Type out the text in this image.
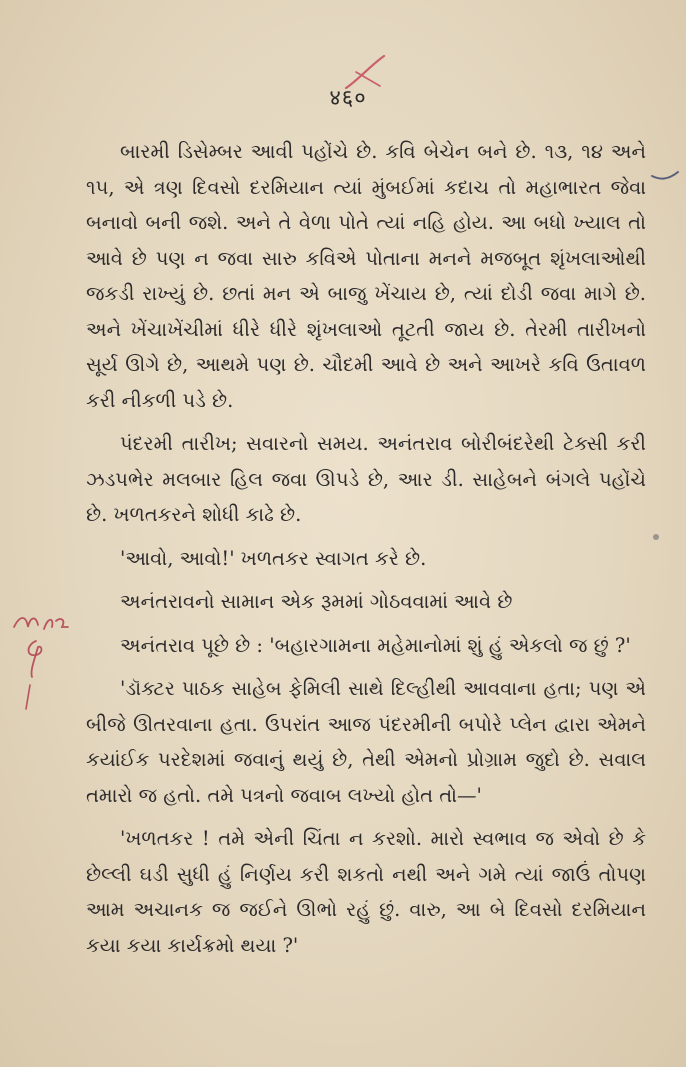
४६०

બારમી ડિસેમ્બર આવી પહોંચે છે. કવિ બેચેન બને છે. ૧૩, ૧૪ અને ૧૫, એ ત્રણ દિવસો દરમિયાન ત્યાં મુંબઈમાં કદાચ તો મહાભારત જેવા બનાવો બની જશે. અને તે વેળા પોતે ત્યાં નહિ હોય. આ બધો ખ્યાલ તો આવે છે પણ ન જવા સારુ કવિએ પોતાના મનને મજબૂત શૃંખલાઓથી જકડી રાખ્યું છે. છતાં મન એ બાજુ ખેંચાય છે, ત્યાં દોડી જવા માગે છે. અને ખેંચાખેંચીમાં ધીરે ધીરે શૃંખલાઓ તૂટતી જાય છે. તેરમી તારીખનો સૂર્ય ઊગે છે, આથમે પણ છે. ચૌદમી આવે છે અને આખરે કવિ ઉતાવળ કરી નીકળી પડે છે.

પંદરમી તારીખ; સવારનો સમય. અનંતરાવ બોરીબંદરેથી ટેક્સી કરી ઝડપભેર મલબાર હિલ જવા ઊપડે છે, આર ડી. સાહેબને બંગલે પહોંચે છે. ખળતકરને શોધી કાઢે છે.

'આવો, આવો!' ખળતકર સ્વાગત કરે છે.

અનંતરાવનો સામાન એક રૂમમાં ગોઠવવામાં આવે છે

અનંતરાવ પૂછે છે : 'બહારગામના મહેમાનોમાં શું હું એકલો જ છું ?'

'ડૉક્ટર પાઠક સાહેબ ફેમિલી સાથે દિલ્હીથી આવવાના હતા; પણ એ બીજે ઊતરવાના હતા. ઉપરાંત આજ પંદરમીની બપોરે પ્લેન દ્વારા એમને કયાંઈક પરદેશમાં જવાનું થયું છે, તેથી એમનો પ્રોગ્રામ જુદો છે. સવાલ તમારો જ હતો. તમે પત્રનો જવાબ લખ્યો હોત તો—'

'ખળતકર ! તમે એની ચિંતા ન કરશો. મારો સ્વભાવ જ એવો છે કે છેલ્લી ઘડી સુધી હું નિર્ણય કરી શકતો નથી અને ગમે ત્યાં જાઉં તોપણ આમ અચાનક જ જઈને ઊભો રહું છું. વારુ, આ બે દિવસો દરમિયાન કયા કયા કાર્યક્રમો થયા ?'
